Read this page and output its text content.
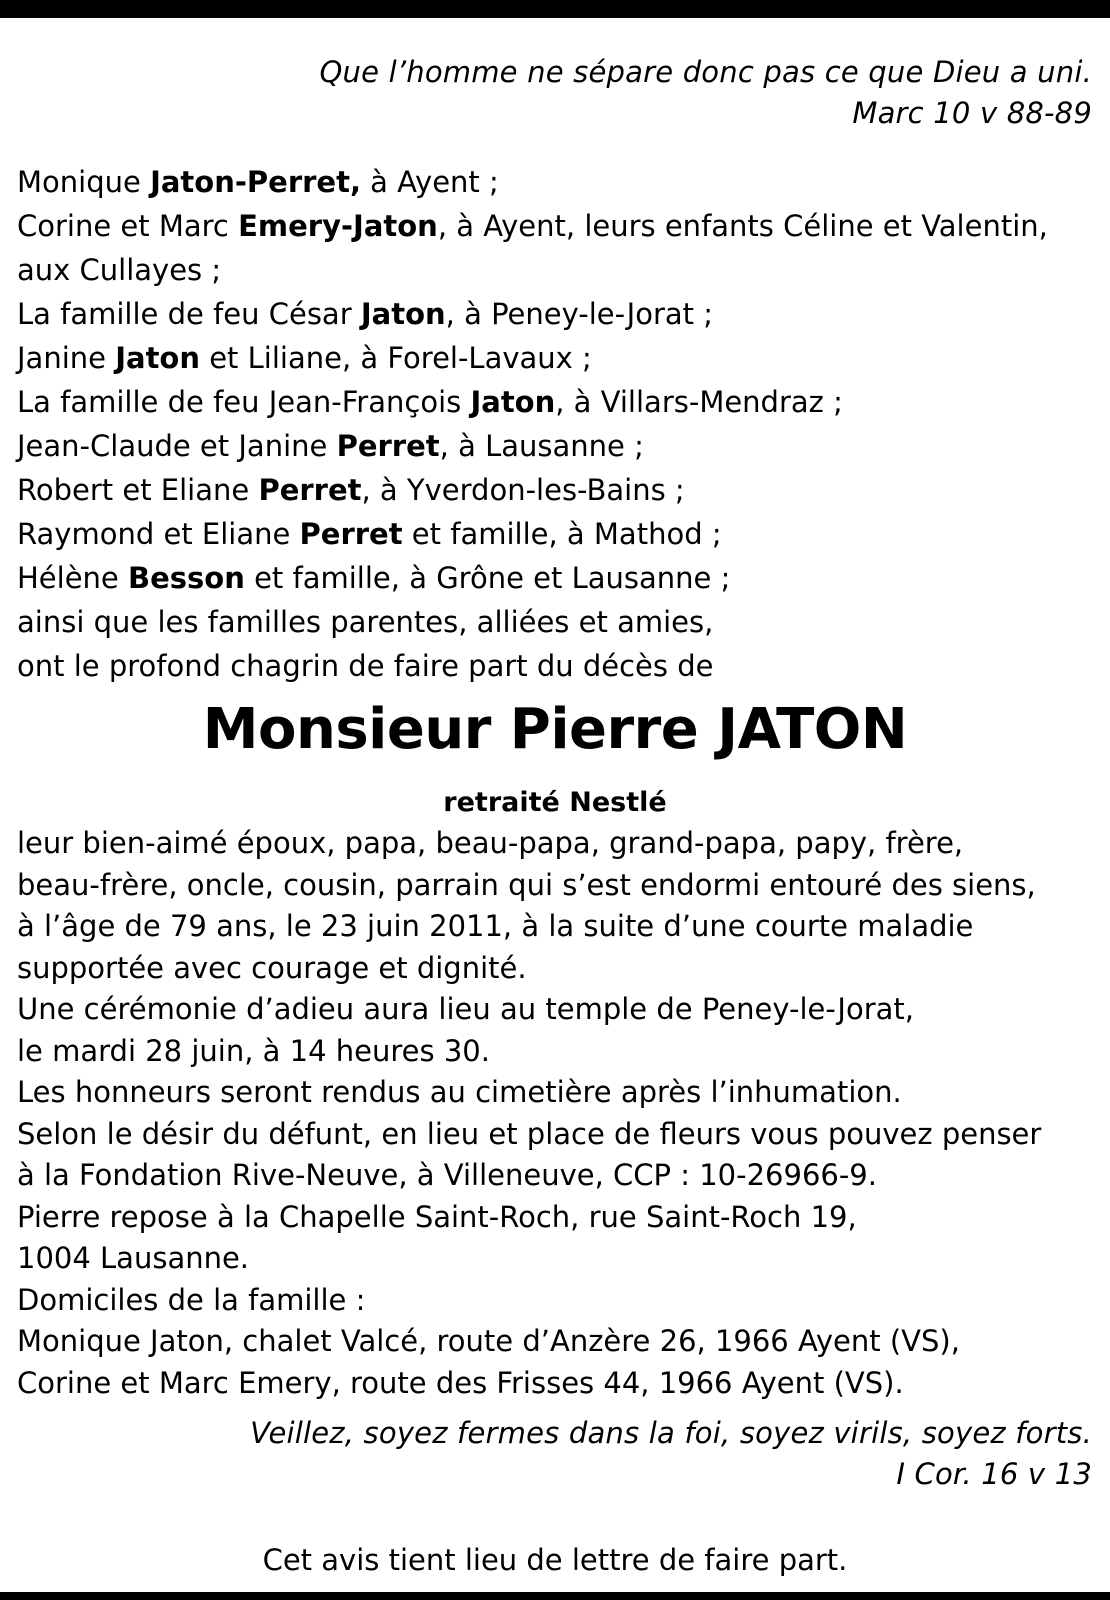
Que l’homme ne sépare donc pas ce que Dieu a uni.
Marc 10 v 88-89
Monique Jaton-Perret, à Ayent ;
Corine et Marc Emery-Jaton, à Ayent, leurs enfants Céline et Valentin,
aux Cullayes ;
La famille de feu César Jaton, à Peney-le-Jorat ;
Janine Jaton et Liliane, à Forel-Lavaux ;
La famille de feu Jean-François Jaton, à Villars-Mendraz ;
Jean-Claude et Janine Perret, à Lausanne ;
Robert et Eliane Perret, à Yverdon-les-Bains ;
Raymond et Eliane Perret et famille, à Mathod ;
Hélène Besson et famille, à Grône et Lausanne ;
ainsi que les familles parentes, alliées et amies,
ont le profond chagrin de faire part du décès de
Monsieur Pierre JATON
retraité Nestlé
leur bien-aimé époux, papa, beau-papa, grand-papa, papy, frère,
beau-frère, oncle, cousin, parrain qui s’est endormi entouré des siens,
à l’âge de 79 ans, le 23 juin 2011, à la suite d’une courte maladie
supportée avec courage et dignité.
Une cérémonie d’adieu aura lieu au temple de Peney-le-Jorat,
le mardi 28 juin, à 14 heures 30.
Les honneurs seront rendus au cimetière après l’inhumation.
Selon le désir du défunt, en lieu et place de fleurs vous pouvez penser
à la Fondation Rive-Neuve, à Villeneuve, CCP : 10-26966-9.
Pierre repose à la Chapelle Saint-Roch, rue Saint-Roch 19,
1004 Lausanne.
Domiciles de la famille :
Monique Jaton, chalet Valcé, route d’Anzère 26, 1966 Ayent (VS),
Corine et Marc Emery, route des Frisses 44, 1966 Ayent (VS).
Veillez, soyez fermes dans la foi, soyez virils, soyez forts.
I Cor. 16 v 13
Cet avis tient lieu de lettre de faire part.
